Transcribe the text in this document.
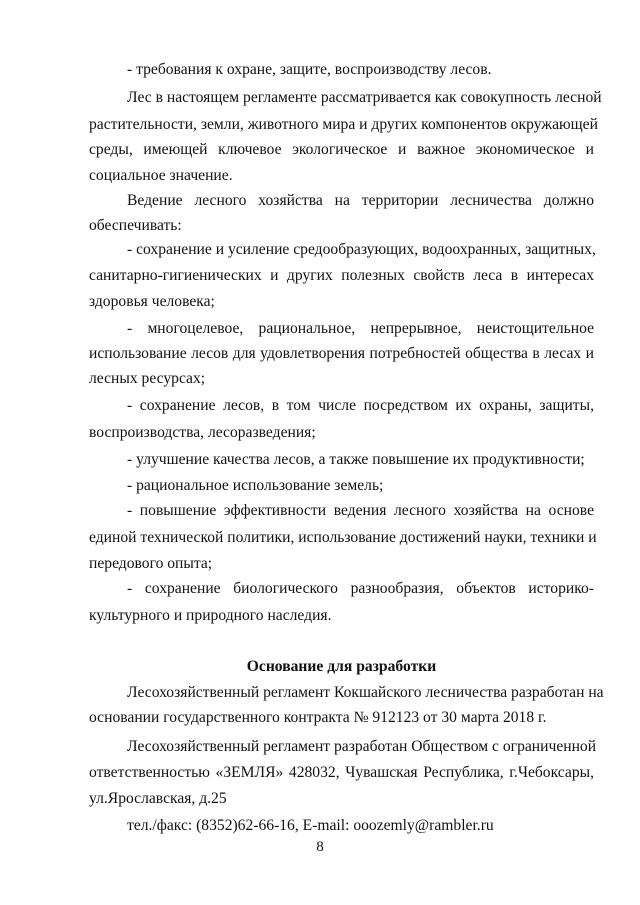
- требования к охране, защите, воспроизводству лесов.
Лес в настоящем регламенте рассматривается как совокупность лесной
растительности, земли, животного мира и других компонентов окружающей
среды, имеющей ключевое экологическое и важное экономическое и
социальное значение.
Ведение лесного хозяйства на территории лесничества должно
обеспечивать:
- сохранение и усиление средообразующих, водоохранных, защитных,
санитарно-гигиенических и других полезных свойств леса в интересах
здоровья человека;
- многоцелевое, рациональное, непрерывное, неистощительное
использование лесов для удовлетворения потребностей общества в лесах и
лесных ресурсах;
- сохранение лесов, в том числе посредством их охраны, защиты,
воспроизводства, лесоразведения;
- улучшение качества лесов, а также повышение их продуктивности;
- рациональное использование земель;
- повышение эффективности ведения лесного хозяйства на основе
единой технической политики, использование достижений науки, техники и
передового опыта;
- сохранение биологического разнообразия, объектов историко-
культурного и природного наследия.
Основание для разработки
Лесохозяйственный регламент Кокшайского лесничества разработан на
основании государственного контракта № 912123 от 30 марта 2018 г.
Лесохозяйственный регламент разработан Обществом с ограниченной
ответственностью «ЗЕМЛЯ» 428032, Чувашская Республика, г.Чебоксары,
ул.Ярославская, д.25
тел./факс: (8352)62-66-16, E-mail: ooozemly@rambler.ru
8
